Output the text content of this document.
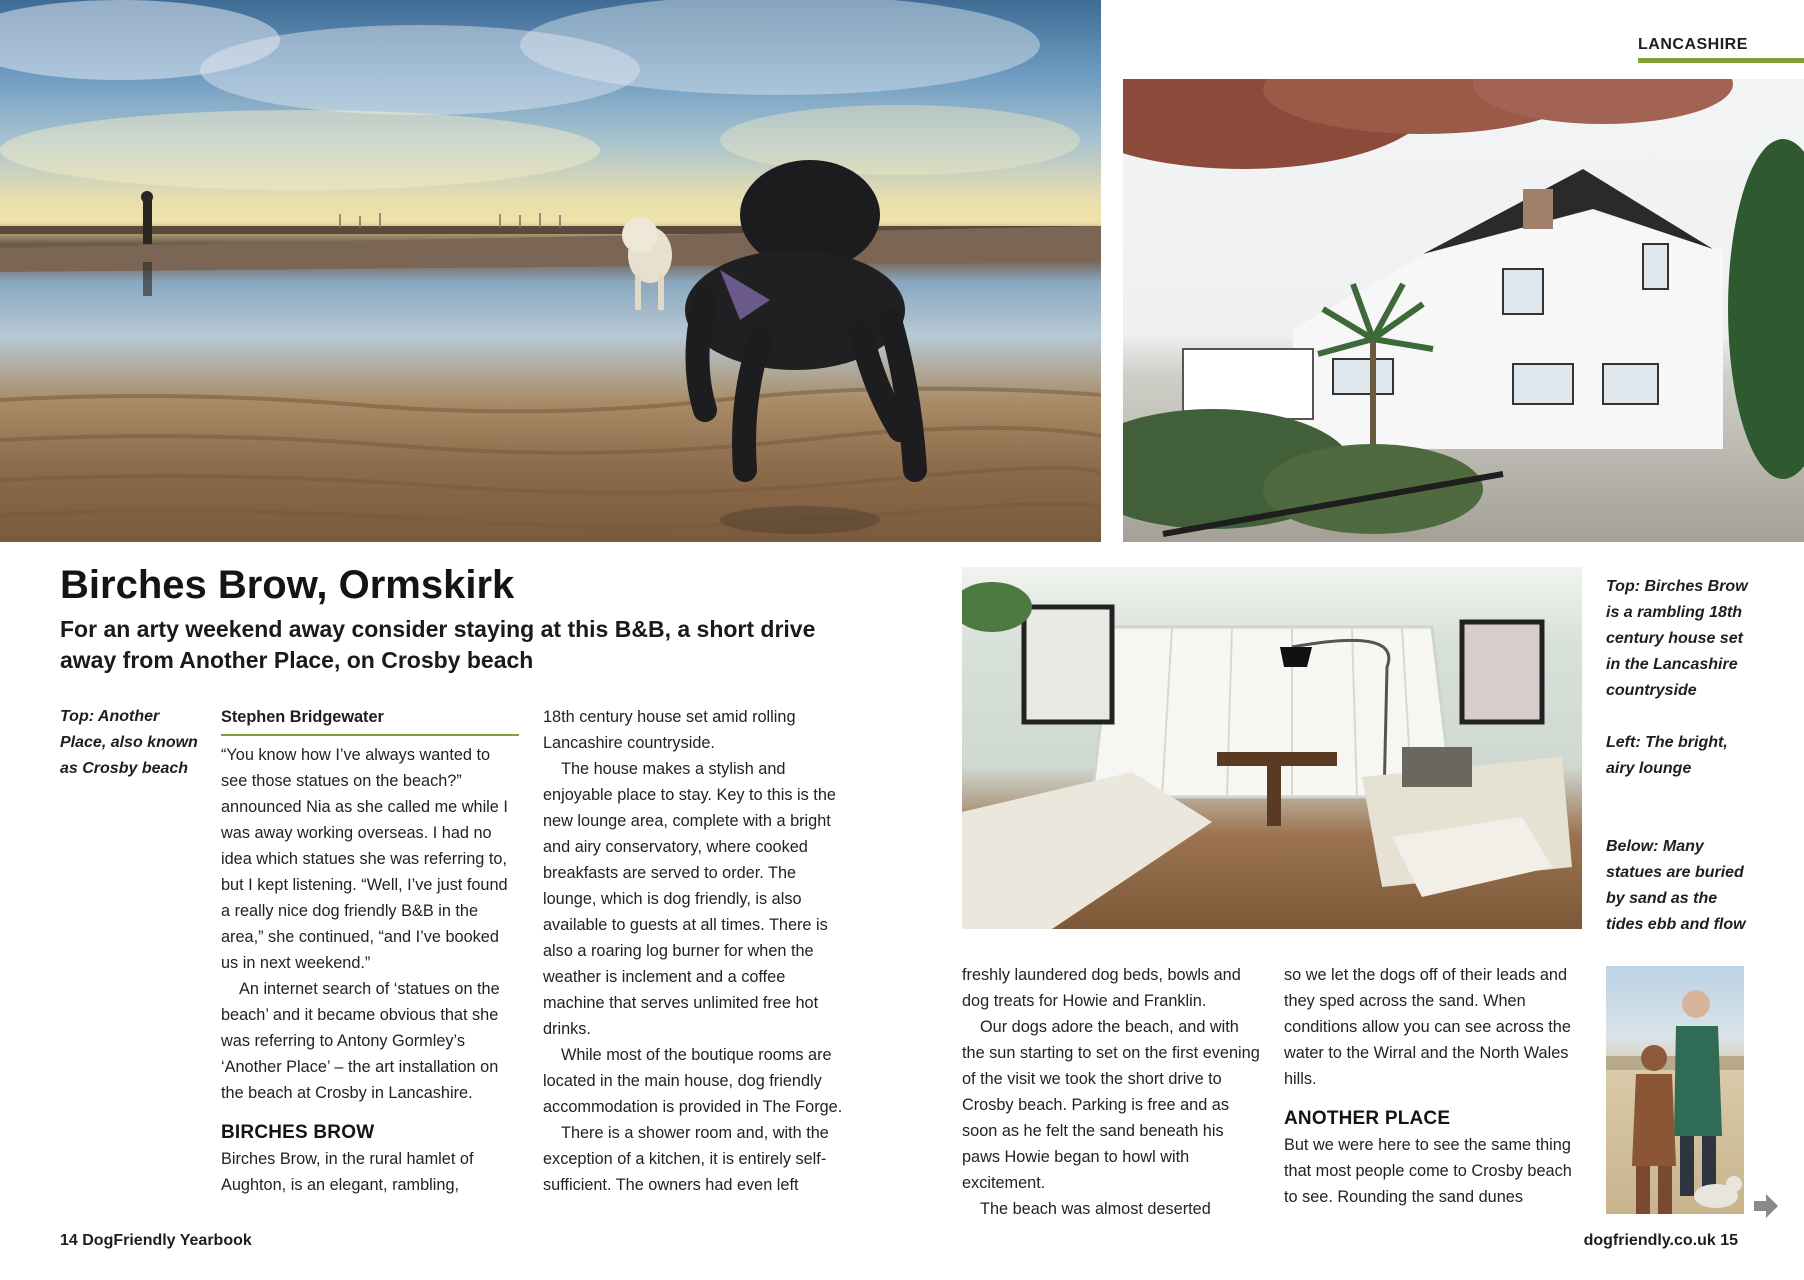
LANCASHIRE
Birches Brow, Ormskirk
For an arty weekend away consider staying at this B&B, a short drive away from Another Place, on Crosby beach
Top: Another Place, also known as Crosby beach
Top: Birches Brow is a rambling 18th century house set in the Lancashire countryside
Left: The bright, airy lounge
Below: Many statues are buried by sand as the tides ebb and flow
Stephen Bridgewater

“You know how I’ve always wanted to see those statues on the beach?” announced Nia as she called me while I was away working overseas. I had no idea which statues she was referring to, but I kept listening. “Well, I’ve just found a really nice dog friendly B&B in the area,” she continued, “and I’ve booked us in next weekend.”

An internet search of ‘statues on the beach’ and it became obvious that she was referring to Antony Gormley’s ‘Another Place’ – the art installation on the beach at Crosby in Lancashire.

BIRCHES BROW

Birches Brow, in the rural hamlet of Aughton, is an elegant, rambling,

18th century house set amid rolling Lancashire countryside.

The house makes a stylish and enjoyable place to stay. Key to this is the new lounge area, complete with a bright and airy conservatory, where cooked breakfasts are served to order. The lounge, which is dog friendly, is also available to guests at all times. There is also a roaring log burner for when the weather is inclement and a coffee machine that serves unlimited free hot drinks.

While most of the boutique rooms are located in the main house, dog friendly accommodation is provided in The Forge.

There is a shower room and, with the exception of a kitchen, it is entirely self-sufficient. The owners had even left

freshly laundered dog beds, bowls and dog treats for Howie and Franklin.

Our dogs adore the beach, and with the sun starting to set on the first evening of the visit we took the short drive to Crosby beach. Parking is free and as soon as he felt the sand beneath his paws Howie began to howl with excitement.

The beach was almost deserted

so we let the dogs off of their leads and they sped across the sand. When conditions allow you can see across the water to the Wirral and the North Wales hills.

ANOTHER PLACE

But we were here to see the same thing that most people come to Crosby beach to see. Rounding the sand dunes

14 DogFriendly Yearbook	dogfriendly.co.uk 15
